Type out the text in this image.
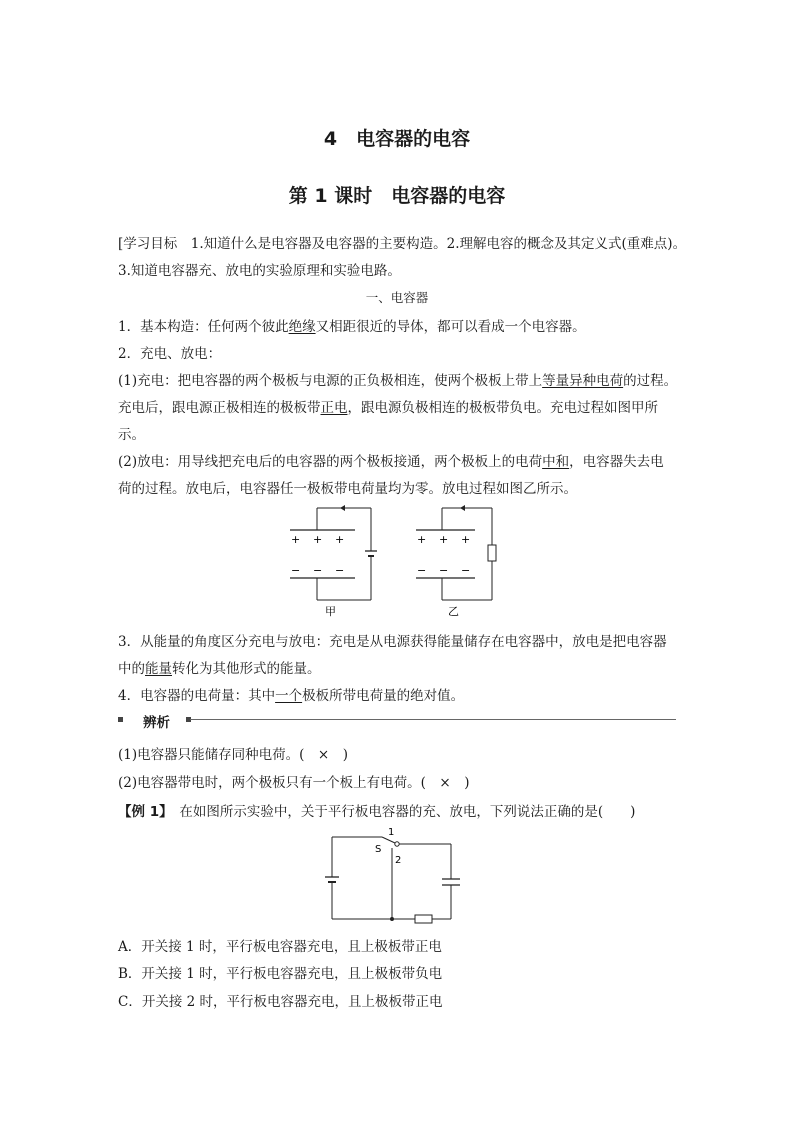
4　电容器的电容
第 1 课时　电容器的电容
[学习目标　1.知道什么是电容器及电容器的主要构造。2.理解电容的概念及其定义式(重难点)。
3.知道电容器充、放电的实验原理和实验电路。
一、电容器
1．基本构造：任何两个彼此绝缘又相距很近的导体，都可以看成一个电容器。
2．充电、放电：
(1)充电：把电容器的两个极板与电源的正负极相连，使两个极板上带上等量异种电荷的过程。
充电后，跟电源正极相连的极板带正电，跟电源负极相连的极板带负电。充电过程如图甲所
示。
(2)放电：用导线把充电后的电容器的两个极板接通，两个极板上的电荷中和，电容器失去电
荷的过程。放电后，电容器任一极板带电荷量均为零。放电过程如图乙所示。
+ + +
− − −
甲
+ + +
− − −
乙
3．从能量的角度区分充电与放电：充电是从电源获得能量储存在电容器中，放电是把电容器
中的能量转化为其他形式的能量。
4．电容器的电荷量：其中一个极板所带电荷量的绝对值。
辨析
(1)电容器只能储存同种电荷。(　×　)
(2)电容器带电时，两个极板只有一个板上有电荷。(　×　)
【例 1】　在如图所示实验中，关于平行板电容器的充、放电，下列说法正确的是(　　)
1
S
2
A．开关接 1 时，平行板电容器充电，且上极板带正电
B．开关接 1 时，平行板电容器充电，且上极板带负电
C．开关接 2 时，平行板电容器充电，且上极板带正电
